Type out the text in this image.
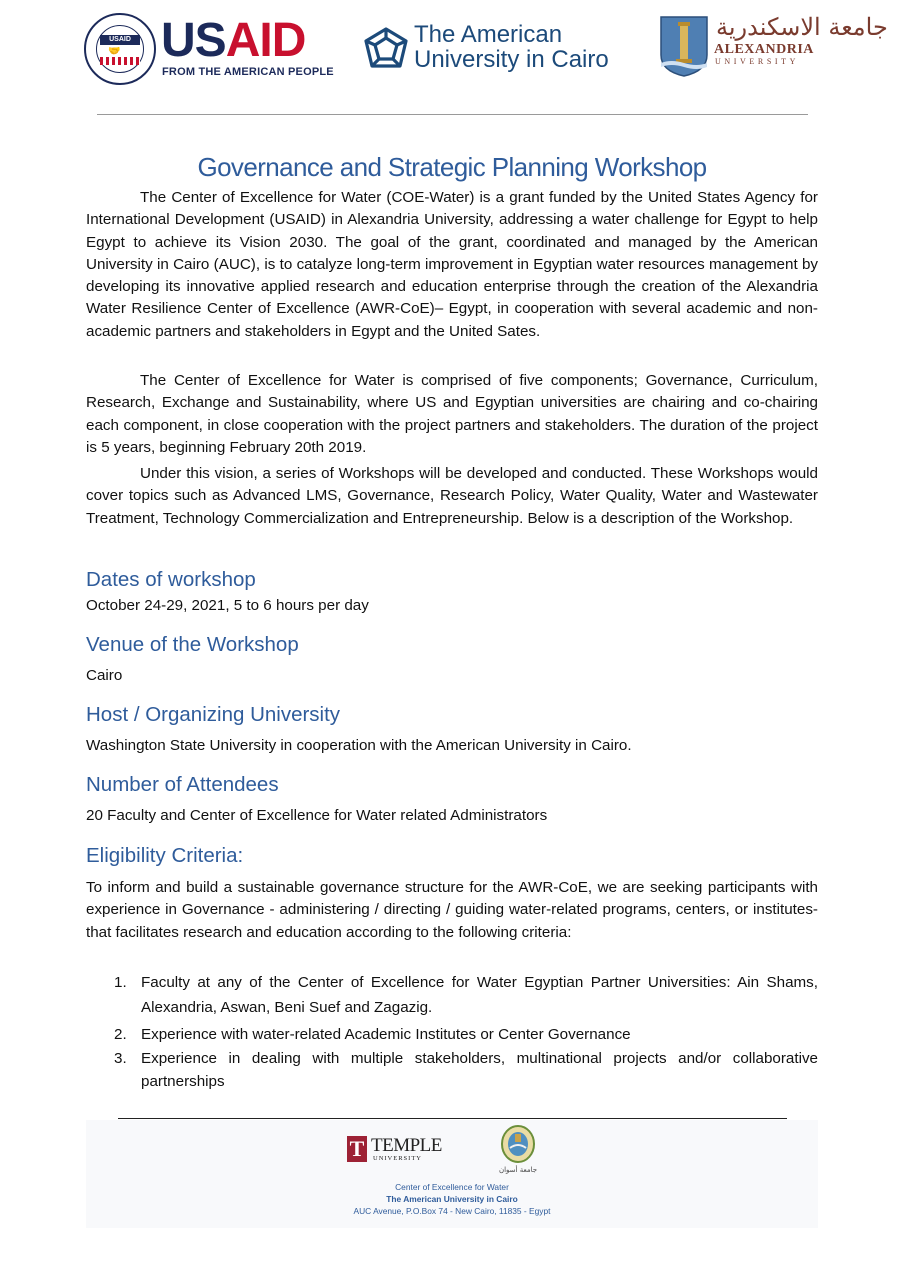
USAID
🤝 USAID
FROM THE AMERICAN PEOPLE
The American
University in Cairo
جامعة الاسكندرية
ALEXANDRIA
UNIVERSITY
Governance and Strategic Planning Workshop
The Center of Excellence for Water (COE-Water) is a grant funded by the United States Agency for International Development (USAID) in Alexandria University, addressing a water challenge for Egypt to help Egypt to achieve its Vision 2030. The goal of the grant, coordinated and managed by the American University in Cairo (AUC), is to catalyze long-term improvement in Egyptian water resources management by developing its innovative applied research and education enterprise through the creation of the Alexandria Water Resilience Center of Excellence (AWR-CoE)– Egypt, in cooperation with several academic and non-academic partners and stakeholders in Egypt and the United Sates.
The Center of Excellence for Water is comprised of five components; Governance, Curriculum, Research, Exchange and Sustainability, where US and Egyptian universities are chairing and co-chairing each component, in close cooperation with the project partners and stakeholders. The duration of the project is 5 years, beginning February 20th 2019.
Under this vision, a series of Workshops will be developed and conducted. These Workshops would cover topics such as Advanced LMS, Governance, Research Policy, Water Quality, Water and Wastewater Treatment, Technology Commercialization and Entrepreneurship. Below is a description of the Workshop.
Dates of workshop
October 24-29, 2021, 5 to 6 hours per day
Venue of the Workshop
Cairo
Host / Organizing University
Washington State University in cooperation with the American University in Cairo.
Number of Attendees
20 Faculty and Center of Excellence for Water related Administrators
Eligibility Criteria:
To inform and build a sustainable governance structure for the AWR-CoE, we are seeking participants with experience in Governance - administering / directing / guiding water-related programs, centers, or institutes- that facilitates research and education according to the following criteria:
1. Faculty at any of the Center of Excellence for Water Egyptian Partner Universities: Ain Shams, Alexandria, Aswan, Beni Suef and Zagazig.
2. Experience with water-related Academic Institutes or Center Governance
3. Experience in dealing with multiple stakeholders, multinational projects and/or collaborative partnerships
T TEMPLE
UNIVERSITY
جامعة أسوان
Center of Excellence for Water
The American University in Cairo
AUC Avenue, P.O.Box 74 - New Cairo, 11835 - Egypt
